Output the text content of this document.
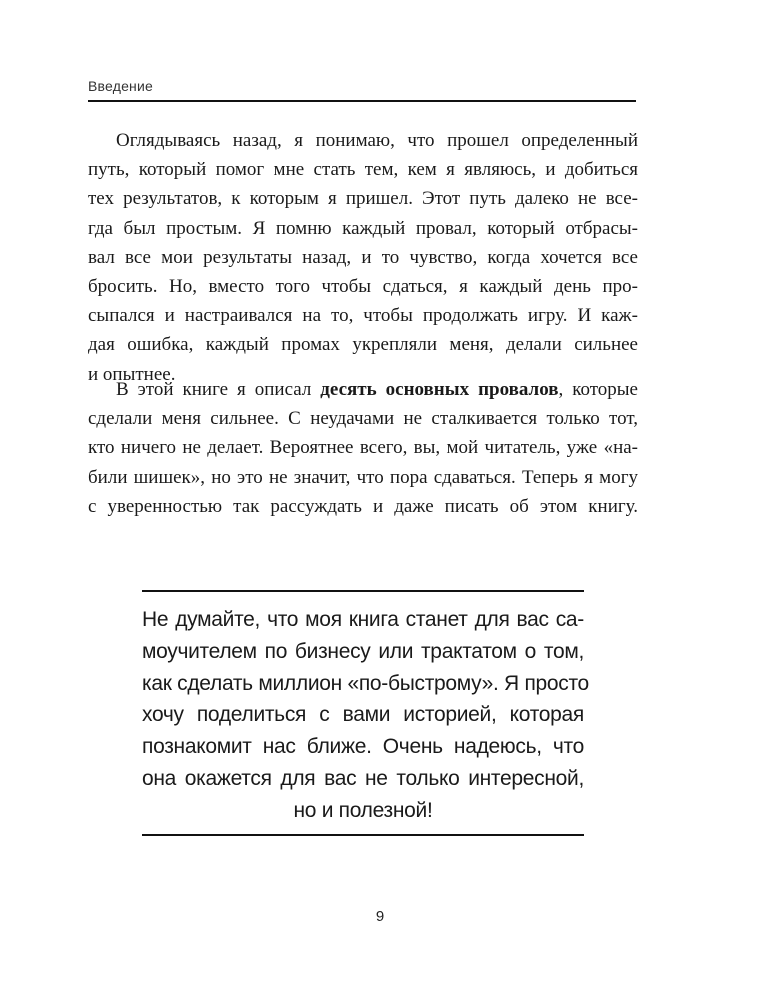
Введение
Оглядываясь назад, я понимаю, что прошел определенный
путь, который помог мне стать тем, кем я являюсь, и добиться
тех результатов, к которым я пришел. Этот путь далеко не все-
гда был простым. Я помню каждый провал, который отбрасы-
вал все мои результаты назад, и то чувство, когда хочется все
бросить. Но, вместо того чтобы сдаться, я каждый день про-
сыпался и настраивался на то, чтобы продолжать игру. И каж-
дая ошибка, каждый промах укрепляли меня, делали сильнее
и опытнее.
В этой книге я описал десять основных провалов, которые
сделали меня сильнее. С неудачами не сталкивается только тот,
кто ничего не делает. Вероятнее всего, вы, мой читатель, уже «на-
били шишек», но это не значит, что пора сдаваться. Теперь я могу
с уверенностью так рассуждать и даже писать об этом книгу.
Не думайте, что моя книга станет для вас са-
моучителем по бизнесу или трактатом о том,
как сделать миллион «по-быстрому». Я просто
хочу поделиться с вами историей, которая
познакомит нас ближе. Очень надеюсь, что
она окажется для вас не только интересной,
но и полезной!
9
